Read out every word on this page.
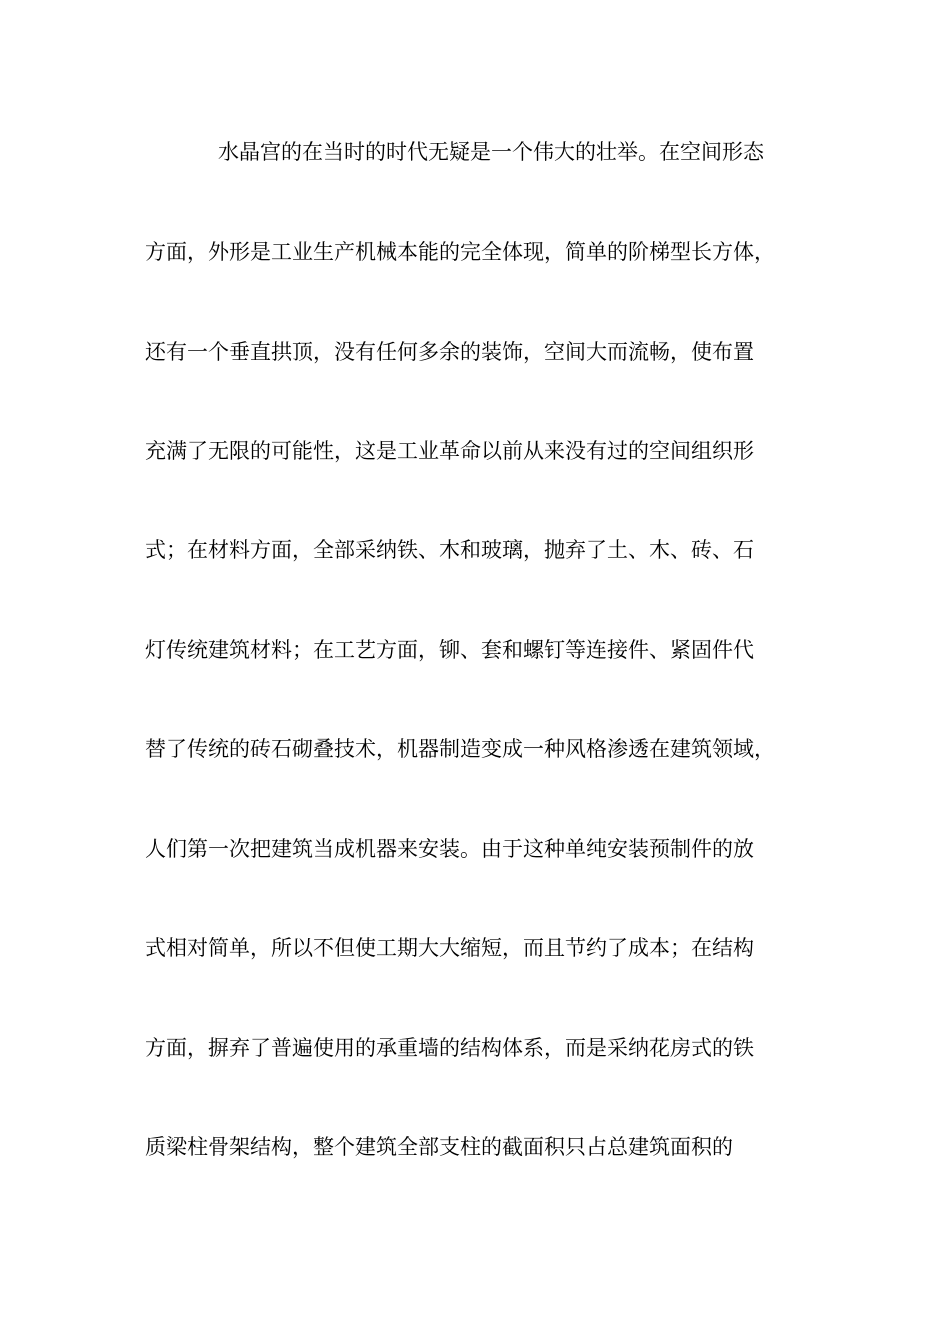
水晶宫的在当时的时代无疑是一个伟大的壮举。在空间形态
方面，外形是工业生产机械本能的完全体现，简单的阶梯型长方体，
还有一个垂直拱顶，没有任何多余的装饰，空间大而流畅，使布置
充满了无限的可能性，这是工业革命以前从来没有过的空间组织形
式；在材料方面，全部采纳铁、木和玻璃，抛弃了土、木、砖、石
灯传统建筑材料；在工艺方面，铆、套和螺钉等连接件、紧固件代
替了传统的砖石砌叠技术，机器制造变成一种风格渗透在建筑领域，
人们第一次把建筑当成机器来安装。由于这种单纯安装预制件的放
式相对简单，所以不但使工期大大缩短，而且节约了成本；在结构
方面，摒弃了普遍使用的承重墙的结构体系，而是采纳花房式的铁
质梁柱骨架结构，整个建筑全部支柱的截面积只占总建筑面积的
